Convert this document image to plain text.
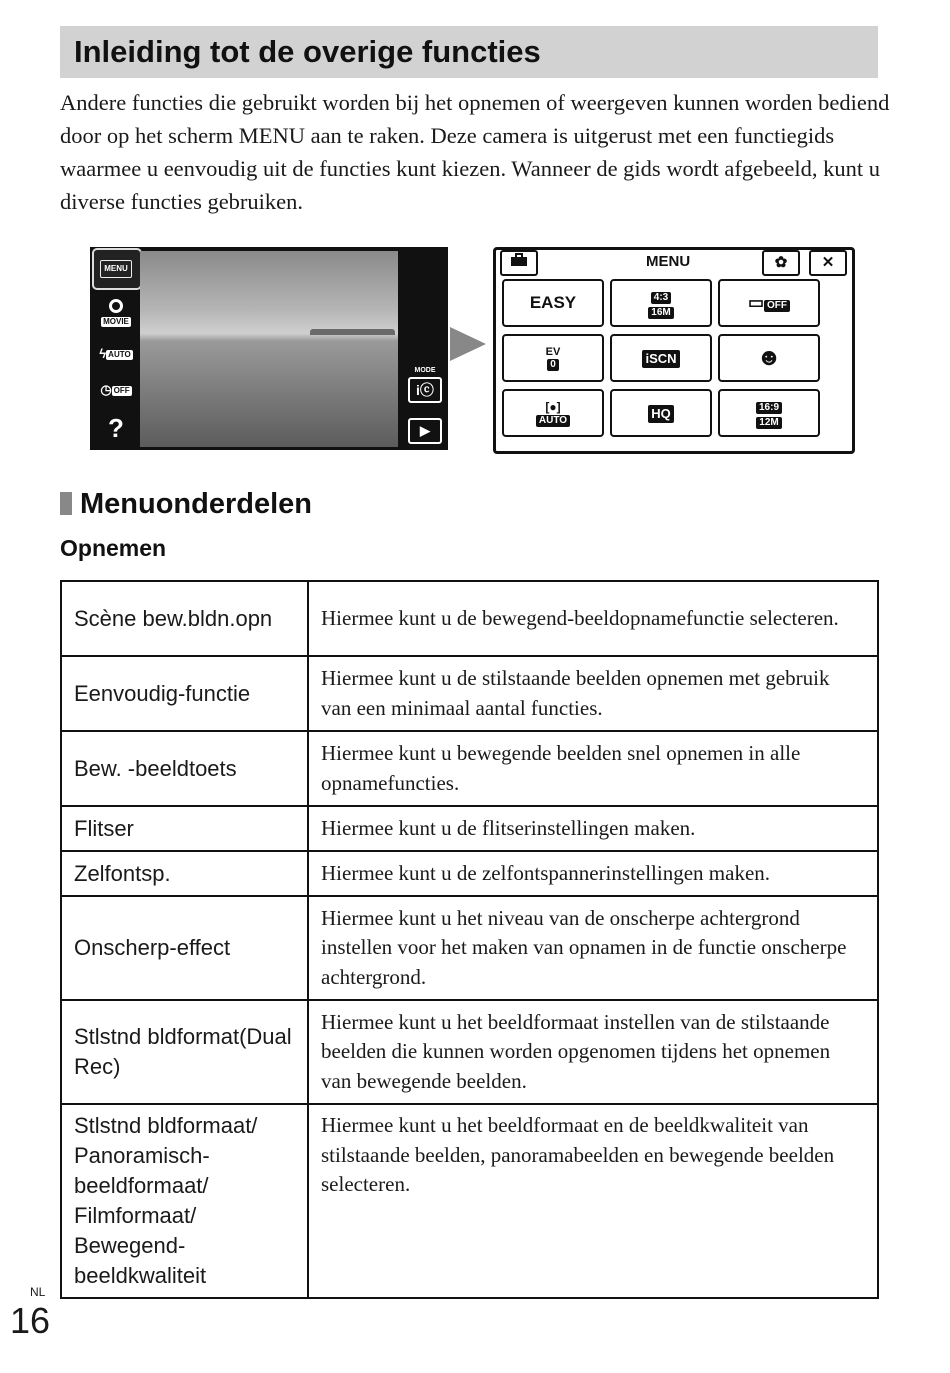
Inleiding tot de overige functies

Andere functies die gebruikt worden bij het opnemen of weergeven kunnen worden bediend door op het scherm MENU aan te raken. Deze camera is uitgerust met een functiegids waarmee u eenvoudig uit de functies kunt kiezen. Wanneer de gids wordt afgebeeld, kunt u diverse functies gebruiken.

MENU
MOVIE
ϟ AUTO
◷ OFF
?
MODE
iⓒ
▶
MENU	✿	✕
EASY	4:3
16M
▭ OFF
EV
0	iSCN	☻
[●]
AUTO	HQ	16:9
12M
Menuonderdelen
Opnemen
Scène bew.bldn.opn	Hiermee kunt u de bewegend-beeldopnamefunctie selecteren.
Eenvoudig-functie	Hiermee kunt u de stilstaande beelden opnemen met gebruik van een minimaal aantal functies.
Bew. -beeldtoets	Hiermee kunt u bewegende beelden snel opnemen in alle opnamefuncties.
Flitser	Hiermee kunt u de flitserinstellingen maken.
Zelfontsp.	Hiermee kunt u de zelfontspannerinstellingen maken.
Onscherp-effect	Hiermee kunt u het niveau van de onscherpe achtergrond instellen voor het maken van opnamen in de functie onscherpe achtergrond.
Stlstnd bldformat(Dual Rec)	Hiermee kunt u het beeldformaat instellen van de stilstaande beelden die kunnen worden opgenomen tijdens het opnemen van bewegende beelden.
Stlstnd bldformaat/ Panoramisch-beeldformaat/ Filmformaat/ Bewegend-beeldkwaliteit	Hiermee kunt u het beeldformaat en de beeldkwaliteit van stilstaande beelden, panoramabeelden en bewegende beelden selecteren.
NL
16
